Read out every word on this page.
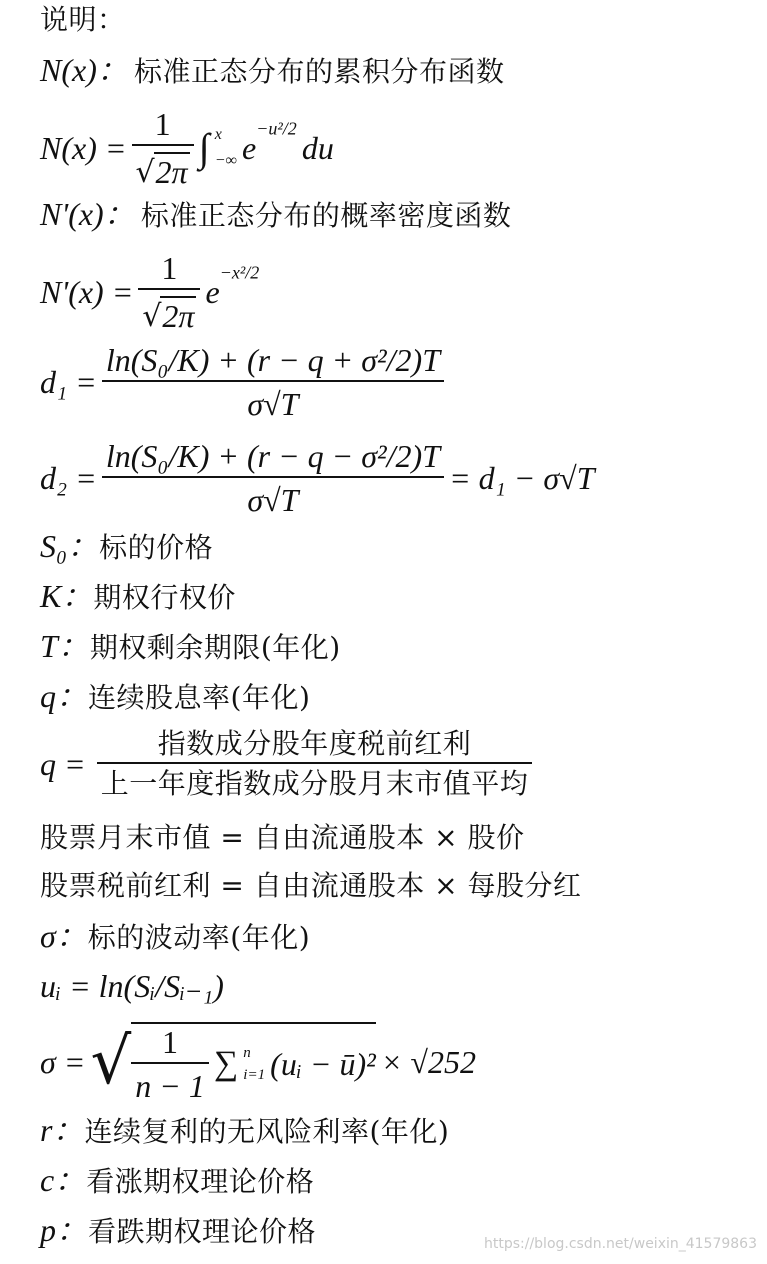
说明：
N(x)： 标准正态分布的累积分布函数
$N(x) = \frac{1}{√ 2\pi}$ ∫ x
−∞ $e^{-u^2/2}$ du
N'(x)： 标准正态分布的概率密度函数
$N'(x) = \frac{1}{√ 2\pi} e^{-x^2/2}$
$d_1 = \frac{\text{ln(S₀/K) + (r − q + σ²/2)T}}{\sigma√T}$
$d_2 = \frac{\text{ln(S₀/K) + (r − q − σ²/2)T}}{\sigma√T} = d_1 - \sigma√T$
S₀：标的价格
K：期权行权价
T：期权剩余期限(年化)
q：连续股息率(年化)
$q = \frac{\text{指数成分股年度税前红利}}{\text{上一年度指数成分股月末市值平均}}$
股票月末市值 = 自由流通股本 × 股价
股票税前红利 = 自由流通股本 × 每股分红
σ：标的波动率(年化)
uᵢ = ln(Sᵢ/Sᵢ₋₁)
σ = √ $\frac{1}{n - 1}$ ∑ n
i=1 (uᵢ − ū)² × √252
r：连续复利的无风险利率(年化)
c：看涨期权理论价格
p：看跌期权理论价格	https://blog.csdn.net/weixin_41579863
